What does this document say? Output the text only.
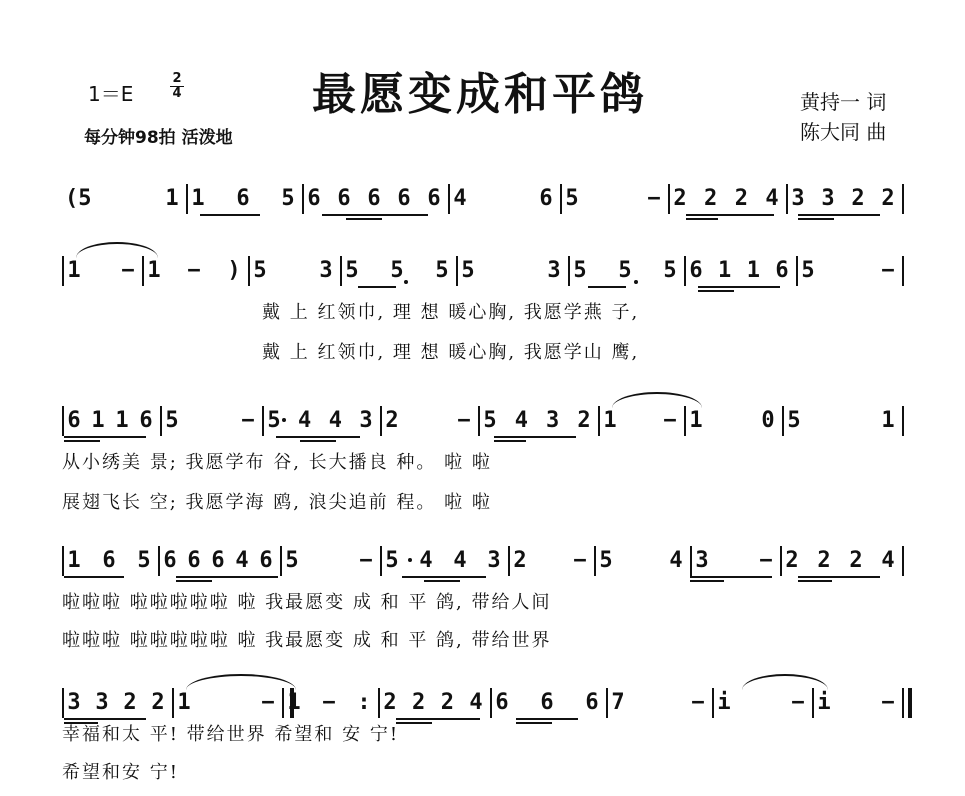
最愿变成和平鸽
1＝E
2
4
每分钟98拍 活泼地
黄持一 词
陈大同 曲
(5	1 1 6 5 6 6 6 6 6 4	6 5	− 2 2 2 4 3 3 2 2
1 − 1 − ) 5 3 5 5 5 5	3 5 5 5 6 1 1 6 5	−
戴 上 红领巾, 理 想 暖心胸, 我愿学燕 子,
戴 上 红领巾, 理 想 暖心胸, 我愿学山 鹰,
6 1 1 6 5	− 5 4 4 3 2	− 5 4 3 2 1 − 1	0 5	1
从小绣美 景; 我愿学布 谷, 长大播良 种。 啦 啦
展翅飞长 空; 我愿学海 鸥, 浪尖追前 程。 啦 啦
1 6 5 6 6 6 4 6 5	− 5 4 4 3 2 − 5	4 3 − 2 2 2 4
啦啦啦 啦啦啦啦啦 啦 我最愿变 成 和 平 鸽, 带给人间
啦啦啦 啦啦啦啦啦 啦 我最愿变 成 和 平 鸽, 带给世界
3 3 2 2 1	− 1 − : 2 2 2 4 6 6 6 7	− i	− i −
幸福和太 平! 带给世界 希望和 安 宁!
希望和安 宁!
